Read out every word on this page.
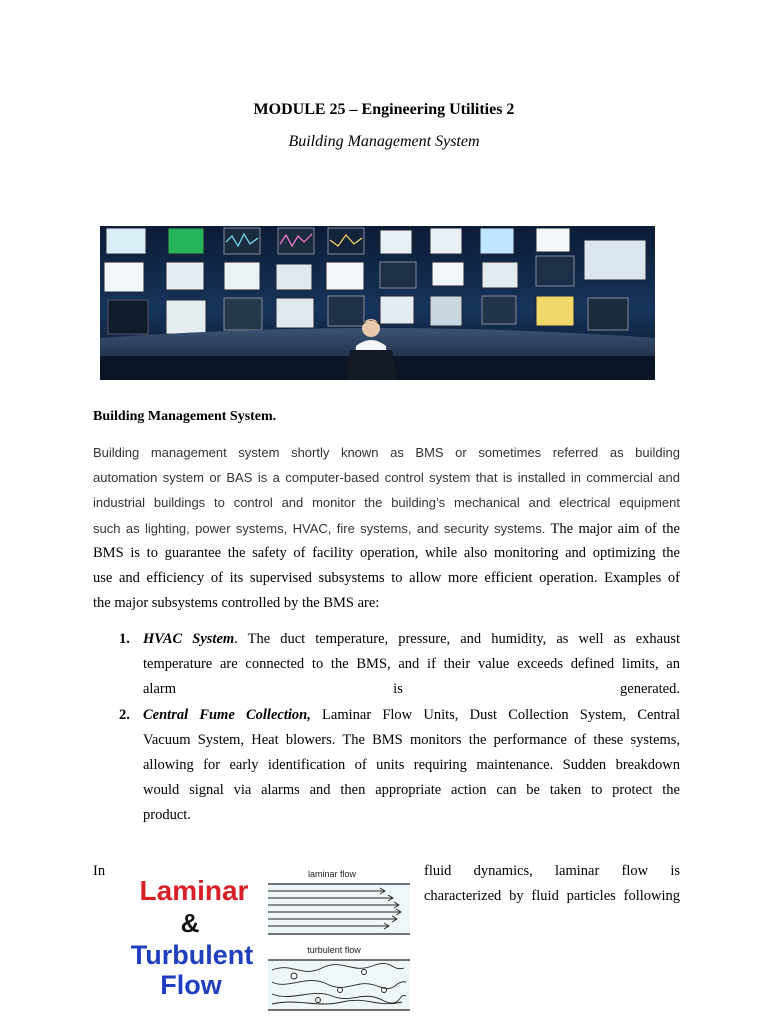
MODULE 25 – Engineering Utilities 2
Building Management System
Building Management System.
Building management system shortly known as BMS or sometimes referred as building
automation system or BAS is a computer-based control system that is installed in commercial and
industrial buildings to control and monitor the building’s mechanical and electrical equipment
such as lighting, power systems, HVAC, fire systems, and security systems. The major aim of the
BMS is to guarantee the safety of facility operation, while also monitoring and optimizing the
use and efficiency of its supervised subsystems to allow more efficient operation. Examples of
the major subsystems controlled by the BMS are:
1. HVAC System. The duct temperature, pressure, and humidity, as well as exhaust
temperature are connected to the BMS, and if their value exceeds defined limits, an
alarm is generated.
2. Central Fume Collection, Laminar Flow Units, Dust Collection System, Central
Vacuum System, Heat blowers. The BMS monitors the performance of these systems,
allowing for early identification of units requiring maintenance. Sudden breakdown
would signal via alarms and then appropriate action can be taken to protect the
product.
In
Laminar
&
Turbulent
Flow
laminar flow
turbulent flow
fluid dynamics, laminar flow is
characterized by fluid particles following
